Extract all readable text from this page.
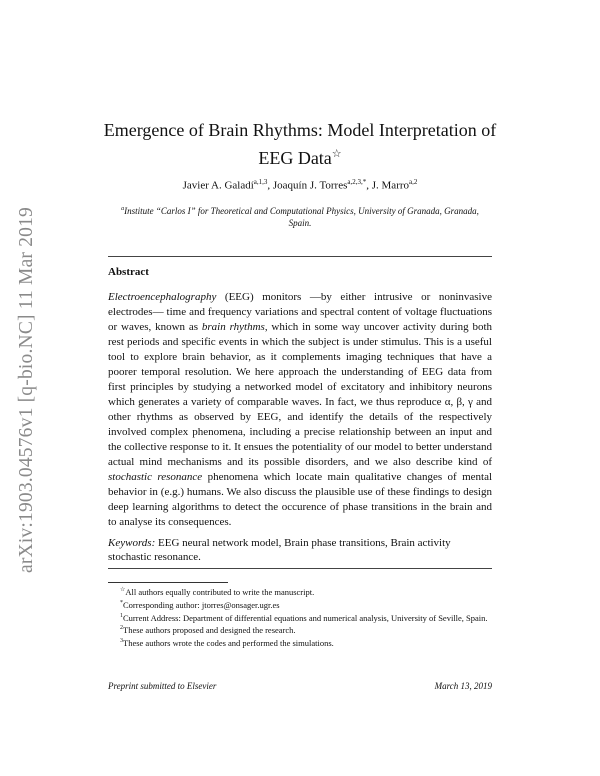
arXiv:1903.04576v1 [q-bio.NC] 11 Mar 2019
Emergence of Brain Rhythms: Model Interpretation of
EEG Data☆
Javier A. Galadí$^{a,1,3}$, Joaquín J. Torres$^{a,2,3,*}$, J. Marro$^{a,2}$
$^a$Institute “Carlos I” for Theoretical and Computational Physics, University of Granada, Granada, Spain.
Abstract
Electroencephalography (EEG) monitors —by either intrusive or noninvasive electrodes— time and frequency variations and spectral content of voltage fluctuations or waves, known as brain rhythms, which in some way uncover activity during both rest periods and specific events in which the subject is under stimulus. This is a useful tool to explore brain behavior, as it complements imaging techniques that have a poorer temporal resolution. We here approach the understanding of EEG data from first principles by studying a networked model of excitatory and inhibitory neurons which generates a variety of comparable waves. In fact, we thus reproduce α, β, γ and other rhythms as observed by EEG, and identify the details of the respectively involved complex phenomena, including a precise relationship between an input and the collective response to it. It ensues the potentiality of our model to better understand actual mind mechanisms and its possible disorders, and we also describe kind of stochastic resonance phenomena which locate main qualitative changes of mental behavior in (e.g.) humans. We also discuss the plausible use of these findings to design deep learning algorithms to detect the occurence of phase transitions in the brain and to analyse its consequences.
Keywords: EEG neural network model, Brain phase transitions, Brain activity stochastic resonance.
☆All authors equally contributed to write the manuscript.
*Corresponding author: jtorres@onsager.ugr.es
$^1$Current Address: Department of differential equations and numerical analysis, University of Seville, Spain.
$^2$These authors proposed and designed the research.
$^3$These authors wrote the codes and performed the simulations.
Preprint submitted to Elsevier	March 13, 2019
